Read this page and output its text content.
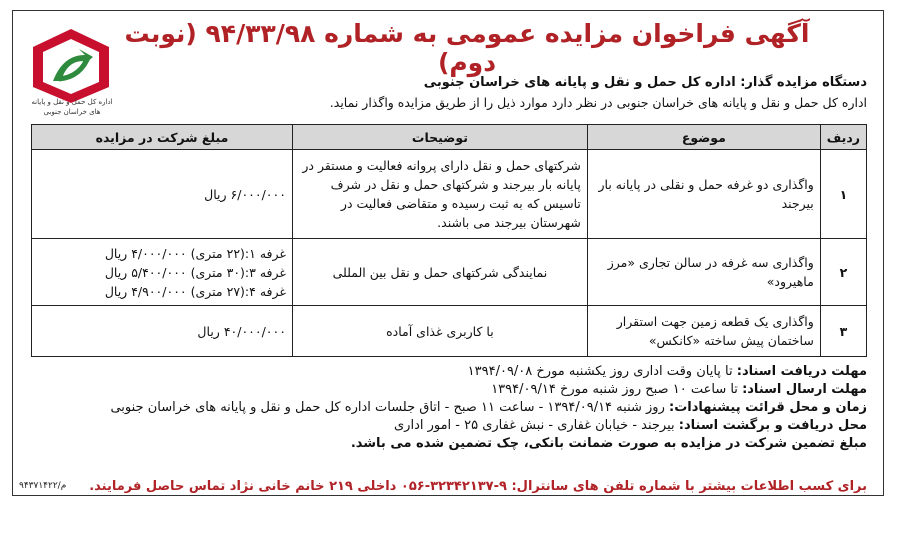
آگهی فراخوان مزایده عمومی به شماره ۹۴/۳۳/۹۸ (نوبت دوم)
اداره کل حمل و نقل و پایانه های خراسان جنوبی
دستگاه مزایده گذار: اداره کل حمل و نقل و پایانه های خراسان جنوبی
اداره کل حمل و نقل و پایانه های خراسان جنوبی در نظر دارد موارد ذیل را از طریق مزایده واگذار نماید.
ردیف	موضوع	توضیحات	مبلغ شرکت در مزایده
۱	واگذاری دو غرفه حمل و نقلی در پایانه بار بیرجند	شرکتهای حمل و نقل دارای پروانه فعالیت و مستقر در پایانه بار بیرجند و شرکتهای حمل و نقل در شرف تاسیس که به ثبت رسیده و متقاضی فعالیت در شهرستان بیرجند می باشند.	۶/۰۰۰/۰۰۰ ریال

۲	واگذاری سه غرفه در سالن تجاری «مرز ماهیرود»	نمایندگی شرکتهای حمل و نقل بین المللی	غرفه ۱:(۲۲ متری) ۴/۰۰۰/۰۰۰ ریال
غرفه ۳:(۳۰ متری) ۵/۴۰۰/۰۰۰ ریال
غرفه ۴:(۲۷ متری) ۴/۹۰۰/۰۰۰ ریال

۳	واگذاری یک قطعه زمین جهت استقرار ساختمان پیش ساخته «کانکس»	با کاربری غذای آماده	۴۰/۰۰۰/۰۰۰ ریال
مهلت دریافت اسناد: تا پایان وقت اداری روز یکشنبه مورخ ۱۳۹۴/۰۹/۰۸
مهلت ارسال اسناد: تا ساعت ۱۰ صبح روز شنبه مورخ ۱۳۹۴/۰۹/۱۴
زمان و محل قرائت پیشنهادات: روز شنبه ۱۳۹۴/۰۹/۱۴ - ساعت ۱۱ صبح - اتاق جلسات اداره کل حمل و نقل و پایانه های خراسان جنوبی
محل دریافت و برگشت اسناد: بیرجند - خیابان غفاری - نبش غفاری ۲۵ - امور اداری
مبلغ تضمین شرکت در مزایده به صورت ضمانت بانکی، چک تضمین شده می باشد.
برای کسب اطلاعات بیشتر با شماره تلفن های سانترال: ۹-۳۲۳۴۲۱۳۷-۰۵۶ داخلی ۲۱۹ خانم خانی نژاد تماس حاصل فرمایند.
م/۹۴۳۷۱۴۲۲
